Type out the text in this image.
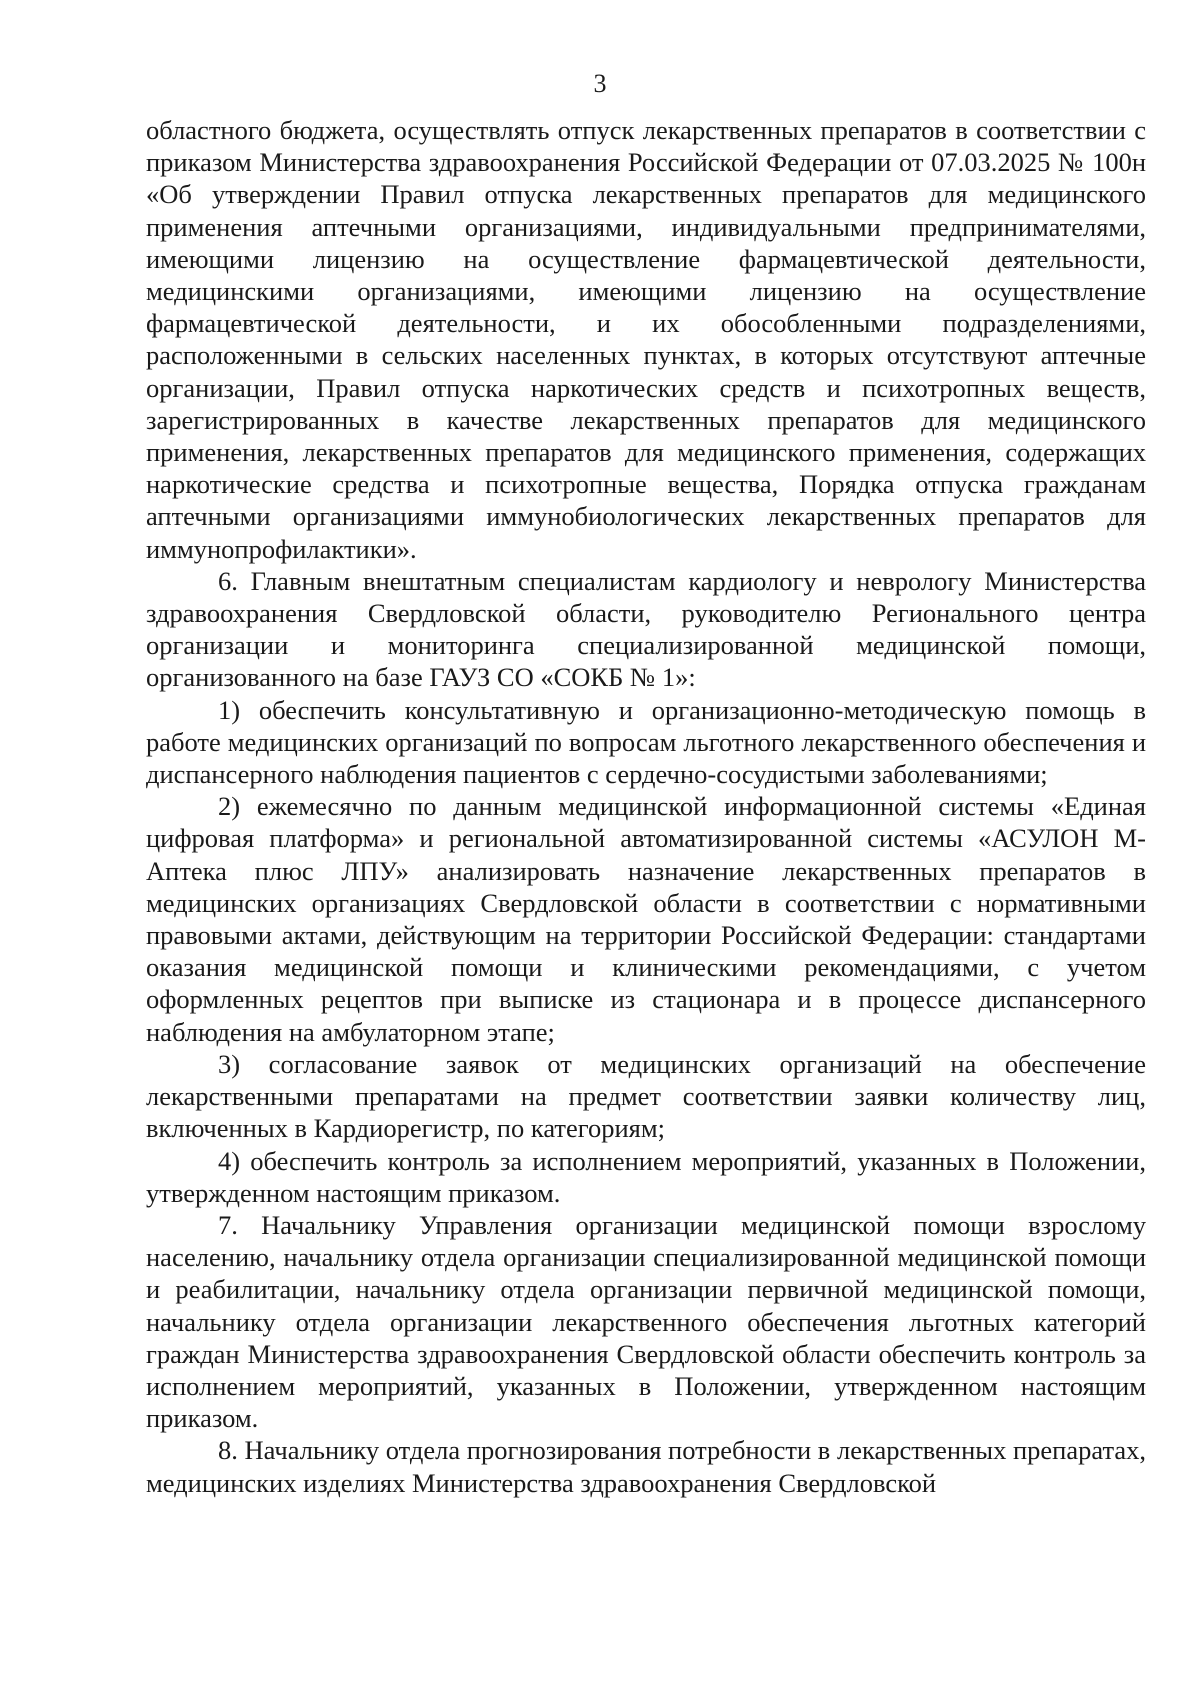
3

областного бюджета, осуществлять отпуск лекарственных препаратов в соответствии с приказом Министерства здравоохранения Российской Федерации от 07.03.2025 № 100н «Об утверждении Правил отпуска лекарственных препаратов для медицинского применения аптечными организациями, индивидуальными предпринимателями, имеющими лицензию на осуществление фармацевтической деятельности, медицинскими организациями, имеющими лицензию на осуществление фармацевтической деятельности, и их обособленными подразделениями, расположенными в сельских населенных пунктах, в которых отсутствуют аптечные организации, Правил отпуска наркотических средств и психотропных веществ, зарегистрированных в качестве лекарственных препаратов для медицинского применения, лекарственных препаратов для медицинского применения, содержащих наркотические средства и психотропные вещества, Порядка отпуска гражданам аптечными организациями иммунобиологических лекарственных препаратов для иммунопрофилактики».

6. Главным внештатным специалистам кардиологу и неврологу Министерства здравоохранения Свердловской области, руководителю Регионального центра организации и мониторинга специализированной медицинской помощи, организованного на базе ГАУЗ СО «СОКБ № 1»:

1) обеспечить консультативную и организационно-методическую помощь в работе медицинских организаций по вопросам льготного лекарственного обеспечения и диспансерного наблюдения пациентов с сердечно-сосудистыми заболеваниями;

2) ежемесячно по данным медицинской информационной системы «Единая цифровая платформа» и региональной автоматизированной системы «АСУЛОН М-Аптека плюс ЛПУ» анализировать назначение лекарственных препаратов в медицинских организациях Свердловской области в соответствии с нормативными правовыми актами, действующим на территории Российской Федерации: стандартами оказания медицинской помощи и клиническими рекомендациями, с учетом оформленных рецептов при выписке из стационара и в процессе диспансерного наблюдения на амбулаторном этапе;

3) согласование заявок от медицинских организаций на обеспечение лекарственными препаратами на предмет соответствии заявки количеству лиц, включенных в Кардиорегистр, по категориям;

4) обеспечить контроль за исполнением мероприятий, указанных в Положении, утвержденном настоящим приказом.

7. Начальнику Управления организации медицинской помощи взрослому населению, начальнику отдела организации специализированной медицинской помощи и реабилитации, начальнику отдела организации первичной медицинской помощи, начальнику отдела организации лекарственного обеспечения льготных категорий граждан Министерства здравоохранения Свердловской области обеспечить контроль за исполнением мероприятий, указанных в Положении, утвержденном настоящим приказом.

8. Начальнику отдела прогнозирования потребности в лекарственных препаратах, медицинских изделиях Министерства здравоохранения Свердловской
